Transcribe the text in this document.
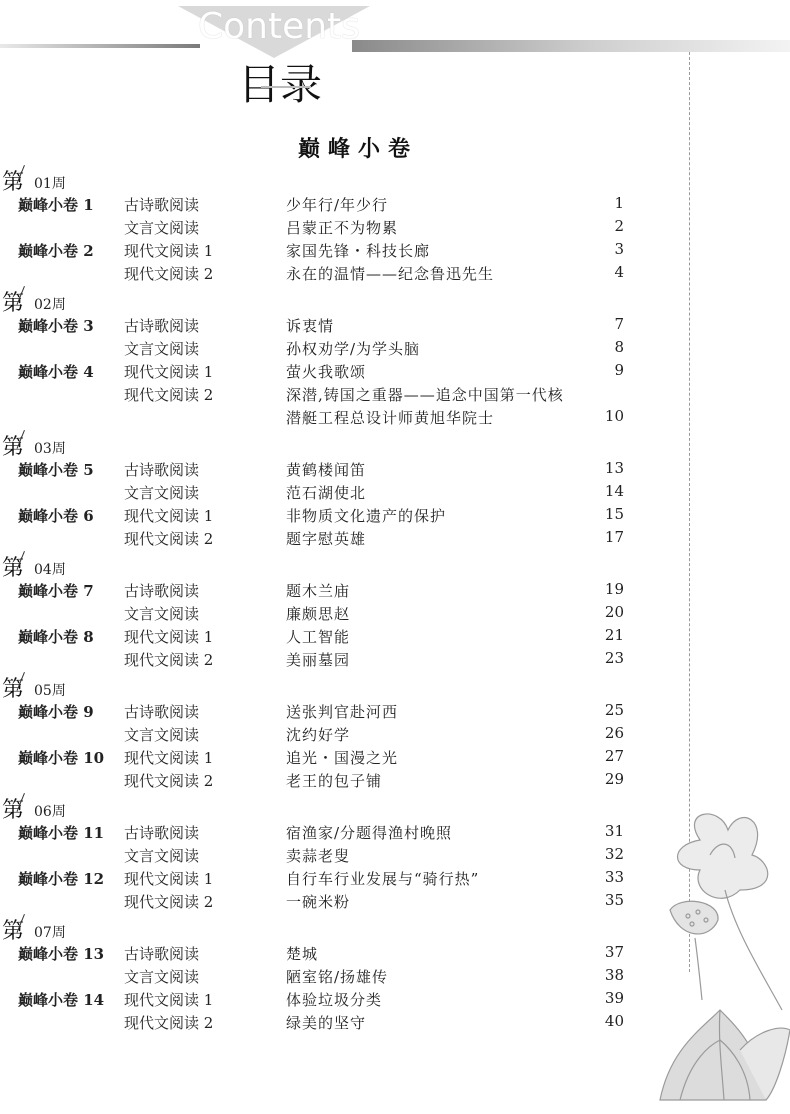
Contents
目录
巅峰小卷
第 01周
巅峰小卷 1 古诗歌阅读	少年行/年少行	1
文言文阅读	吕蒙正不为物累	2
巅峰小卷 2 现代文阅读 1	家国先锋・科技长廊	3
现代文阅读 2	永在的温情——纪念鲁迅先生	4
第 02周
巅峰小卷 3 古诗歌阅读	诉衷情	7
文言文阅读	孙权劝学/为学头脑	8
巅峰小卷 4 现代文阅读 1	萤火我歌颂	9
现代文阅读 2	深潜,铸国之重器——追念中国第一代核
潜艇工程总设计师黄旭华院士	10
第 03周
巅峰小卷 5 古诗歌阅读	黄鹤楼闻笛	13
文言文阅读	范石湖使北	14
巅峰小卷 6 现代文阅读 1	非物质文化遗产的保护	15
现代文阅读 2	题字慰英雄	17
第 04周
巅峰小卷 7 古诗歌阅读	题木兰庙	19
文言文阅读	廉颇思赵	20
巅峰小卷 8 现代文阅读 1	人工智能	21
现代文阅读 2	美丽墓园	23
第 05周
巅峰小卷 9 古诗歌阅读	送张判官赴河西	25
文言文阅读	沈约好学	26
巅峰小卷 10 现代文阅读 1	追光・国漫之光	27
现代文阅读 2	老王的包子铺	29
第 06周
巅峰小卷 11 古诗歌阅读	宿渔家/分题得渔村晚照	31
文言文阅读	卖蒜老叟	32
巅峰小卷 12 现代文阅读 1	自行车行业发展与“骑行热”	33
现代文阅读 2	一碗米粉	35
第 07周
巅峰小卷 13 古诗歌阅读	楚城	37
文言文阅读	陋室铭/扬雄传	38
巅峰小卷 14 现代文阅读 1	体验垃圾分类	39
现代文阅读 2	绿美的坚守	40
